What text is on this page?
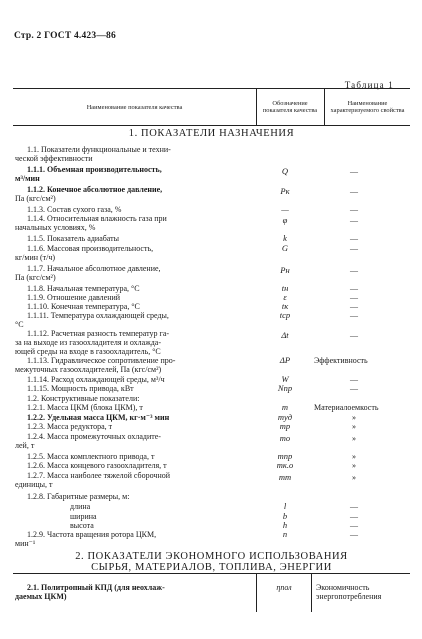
Стр. 2 ГОСТ 4.423—86
Таблица 1
Наименование показателя качества	Обозначение показателя качества
Наименование характеризуемого свойства
1. ПОКАЗАТЕЛИ НАЗНАЧЕНИЯ
1.1. Показатели функциональные и техни-
ческой эффективности
1.1.1. Объемная производительность,
м³/мин
Q	—
1.1.2. Конечное абсолютное давление,
Па (кгс/см²)
Pк	—
1.1.3. Состав сухого газа, %	—	—
1.1.4. Относительная влажность газа при
начальных условиях, %
φ	—
1.1.5. Показатель адиабаты	k	—
1.1.6. Массовая производительность,
кг/мин (т/ч)
G	—
1.1.7. Начальное абсолютное давление,
Па (кгс/см²)
Pн	—
1.1.8. Начальная температура, °С	tн	—
1.1.9. Отношение давлений	ε	—
1.1.10. Конечная температура, °С	tк	—
1.1.11. Температура охлаждающей среды,
°С
tср	—
1.1.12. Расчетная разность температур га-
за на выходе из газоохладителя и охлажда-
ющей среды на входе в газоохладитель, °С
Δt	—
1.1.13. Гидравлическое сопротивление про-
межуточных газоохладителей, Па (кгс/см²)
ΔP	Эффективность
1.1.14. Расход охлаждающей среды, м³/ч	W	—
1.1.15. Мощность привода, кВт	Nпр	—
1.2. Конструктивные показатели:
1.2.1. Масса ЦКМ (блока ЦКМ), т	m	Материалоемкость
1.2.2. Удельная масса ЦКМ, кг·м⁻³ мин	mуд	»
1.2.3. Масса редуктора, т	mр	»
1.2.4. Масса промежуточных охладите-
лей, т
mо	»
1.2.5. Масса комплектного привода, т	mпр	»
1.2.6. Масса концевого газоохладителя, т	mк.о	»
1.2.7. Масса наиболее тяжелой сборочной
единицы, т
mт	»
1.2.8. Габаритные размеры, м:
длина	l	—
ширина	b	—
высота	h	—
1.2.9. Частота вращения ротора ЦКМ,
мин⁻¹
n	—
2. ПОКАЗАТЕЛИ ЭКОНОМНОГО ИСПОЛЬЗОВАНИЯ
СЫРЬЯ, МАТЕРИАЛОВ, ТОПЛИВА, ЭНЕРГИИ
2.1. Политропный КПД (для неохлаж-
даемых ЦКМ)
ηпол	Экономичность
энергопотребления
